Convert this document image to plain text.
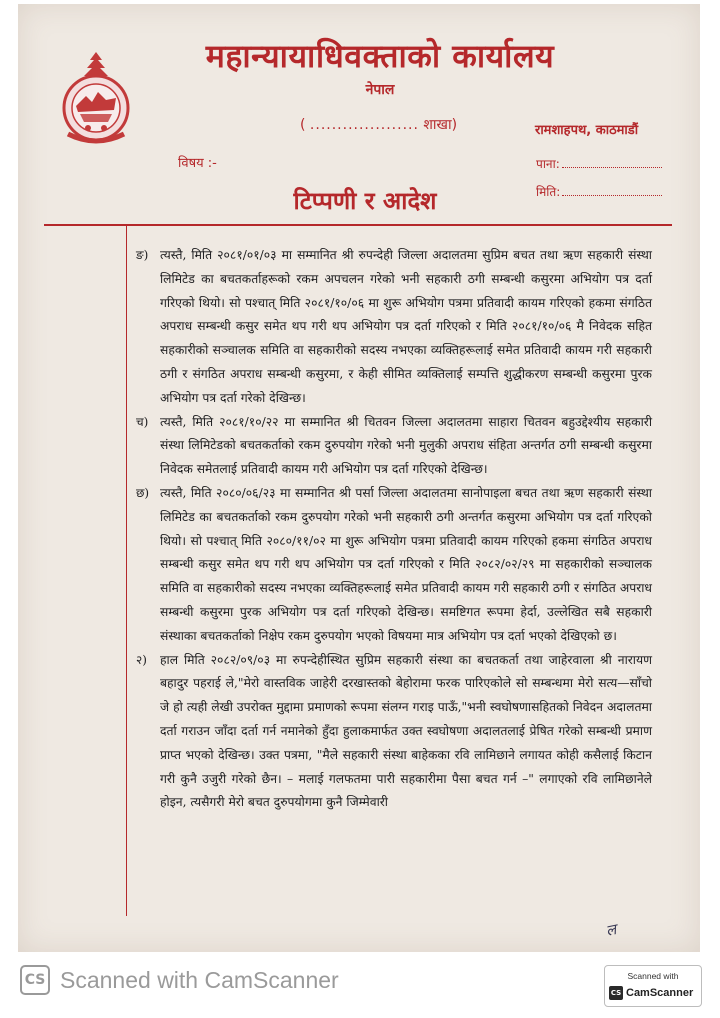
महान्यायाधिवक्ताको कार्यालय
नेपाल
( .................... शाखा)	रामशाहपथ, काठमाडौं
विषय :-	पाना:
मिति:
टिप्पणी र आदेश
ङ) त्यस्तै, मिति २०८१/०१/०३ मा सम्मानित श्री रुपन्देही जिल्ला अदालतमा सुप्रिम बचत तथा ऋण सहकारी संस्था लिमिटेड का बचतकर्ताहरूको रकम अपचलन गरेको भनी सहकारी ठगी सम्बन्धी कसुरमा अभियोग पत्र दर्ता गरिएको थियो। सो पश्चात् मिति २०८१/१०/०६ मा शुरू अभियोग पत्रमा प्रतिवादी कायम गरिएको हकमा संगठित अपराध सम्बन्धी कसुर समेत थप गरी थप अभियोग पत्र दर्ता गरिएको र मिति २०८१/१०/०६ मै निवेदक सहित सहकारीको सञ्चालक समिति वा सहकारीको सदस्य नभएका व्यक्तिहरूलाई समेत प्रतिवादी कायम गरी सहकारी ठगी र संगठित अपराध सम्बन्धी कसुरमा, र केही सीमित व्यक्तिलाई सम्पत्ति शुद्धीकरण सम्बन्धी कसुरमा पुरक अभियोग पत्र दर्ता गरेको देखिन्छ।
च) त्यस्तै, मिति २०८१/१०/२२ मा सम्मानित श्री चितवन जिल्ला अदालतमा साहारा चितवन बहुउद्देश्यीय सहकारी संस्था लिमिटेडको बचतकर्ताको रकम दुरुपयोग गरेको भनी मुलुकी अपराध संहिता अन्तर्गत ठगी सम्बन्धी कसुरमा निवेदक समेतलाई प्रतिवादी कायम गरी अभियोग पत्र दर्ता गरिएको देखिन्छ।
छ) त्यस्तै, मिति २०८०/०६/२३ मा सम्मानित श्री पर्सा जिल्ला अदालतमा सानोपाइला बचत तथा ऋण सहकारी संस्था लिमिटेड का बचतकर्ताको रकम दुरुपयोग गरेको भनी सहकारी ठगी अन्तर्गत कसुरमा अभियोग पत्र दर्ता गरिएको थियो। सो पश्चात् मिति २०८०/११/०२ मा शुरू अभियोग पत्रमा प्रतिवादी कायम गरिएको हकमा संगठित अपराध सम्बन्धी कसुर समेत थप गरी थप अभियोग पत्र दर्ता गरिएको र मिति २०८२/०२/२९ मा सहकारीको सञ्चालक समिति वा सहकारीको सदस्य नभएका व्यक्तिहरूलाई समेत प्रतिवादी कायम गरी सहकारी ठगी र संगठित अपराध सम्बन्धी कसुरमा पुरक अभियोग पत्र दर्ता गरिएको देखिन्छ। समष्टिगत रूपमा हेर्दा, उल्लेखित सबै सहकारी संस्थाका बचतकर्ताको निक्षेप रकम दुरुपयोग भएको विषयमा मात्र अभियोग पत्र दर्ता भएको देखिएको छ।
२) हाल मिति २०८२/०९/०३ मा रुपन्देहीस्थित सुप्रिम सहकारी संस्था का बचतकर्ता तथा जाहेरवाला श्री नारायण बहादुर पहराई ले,"मेरो वास्तविक जाहेरी दरखास्तको बेहोरामा फरक पारिएकोले सो सम्बन्धमा मेरो सत्य—साँचो जे हो त्यही लेखी उपरोक्त मुद्दामा प्रमाणको रूपमा संलग्न गराइ पाऊँ,"भनी स्वघोषणासहितको निवेदन अदालतमा दर्ता गराउन जाँदा दर्ता गर्न नमानेको हुँदा हुलाकमार्फत उक्त स्वघोषणा अदालतलाई प्रेषित गरेको सम्बन्धी प्रमाण प्राप्त भएको देखिन्छ। उक्त पत्रमा, "मैले सहकारी संस्था बाहेकका रवि लामिछाने लगायत कोही कसैलाई किटान गरी कुनै उजुरी गरेको छैन। – मलाई गलफतमा पारी सहकारीमा पैसा बचत गर्न –" लगाएको रवि लामिछानेले होइन, त्यसैगरी मेरो बचत दुरुपयोगमा कुनै जिम्मेवारी
ल
CS Scanned with CamScanner	Scanned with
CS CamScanner
